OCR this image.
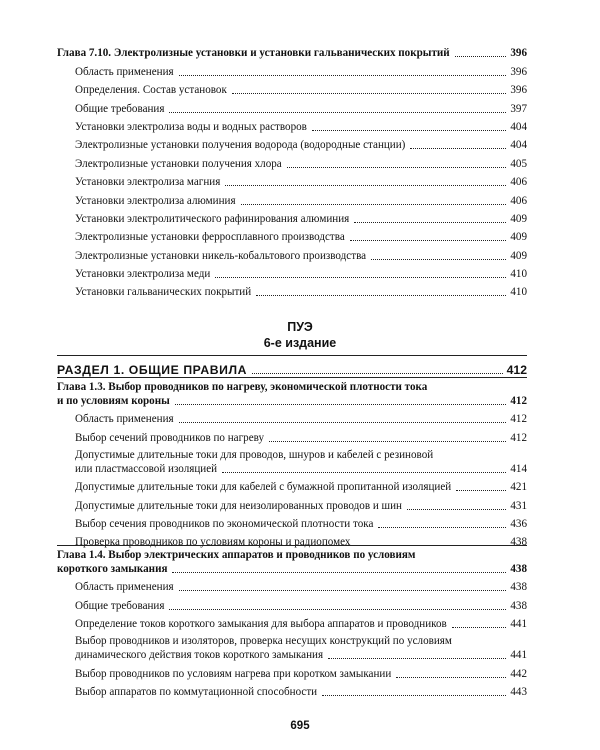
Глава 7.10. Электролизные установки и установки гальванических покрытий	396
Область применения	396
Определения. Состав установок	396
Общие требования	397
Установки электролиза воды и водных растворов	404
Электролизные установки получения водорода (водородные станции)	404
Электролизные установки получения хлора	405
Установки электролиза магния	406
Установки электролиза алюминия	406
Установки электролитического рафинирования алюминия	409
Электролизные установки ферросплавного производства	409
Электролизные установки никель-кобальтового производства	409
Установки электролиза меди	410
Установки гальванических покрытий	410
ПУЭ
6-е издание
РАЗДЕЛ 1. ОБЩИЕ ПРАВИЛА	412
Глава 1.3. Выбор проводников по нагреву, экономической плотности тока
и по условиям короны	412
Область применения	412
Выбор сечений проводников по нагреву	412
Допустимые длительные токи для проводов, шнуров и кабелей с резиновой
или пластмассовой изоляцией	414
Допустимые длительные токи для кабелей с бумажной пропитанной изоляцией	421
Допустимые длительные токи для неизолированных проводов и шин	431
Выбор сечения проводников по экономической плотности тока	436
Проверка проводников по условиям короны и радиопомех	438
Глава 1.4. Выбор электрических аппаратов и проводников по условиям
короткого замыкания	438
Область применения	438
Общие требования	438
Определение токов короткого замыкания для выбора аппаратов и проводников	441
Выбор проводников и изоляторов, проверка несущих конструкций по условиям
динамического действия токов короткого замыкания	441
Выбор проводников по условиям нагрева при коротком замыкании	442
Выбор аппаратов по коммутационной способности	443
695
